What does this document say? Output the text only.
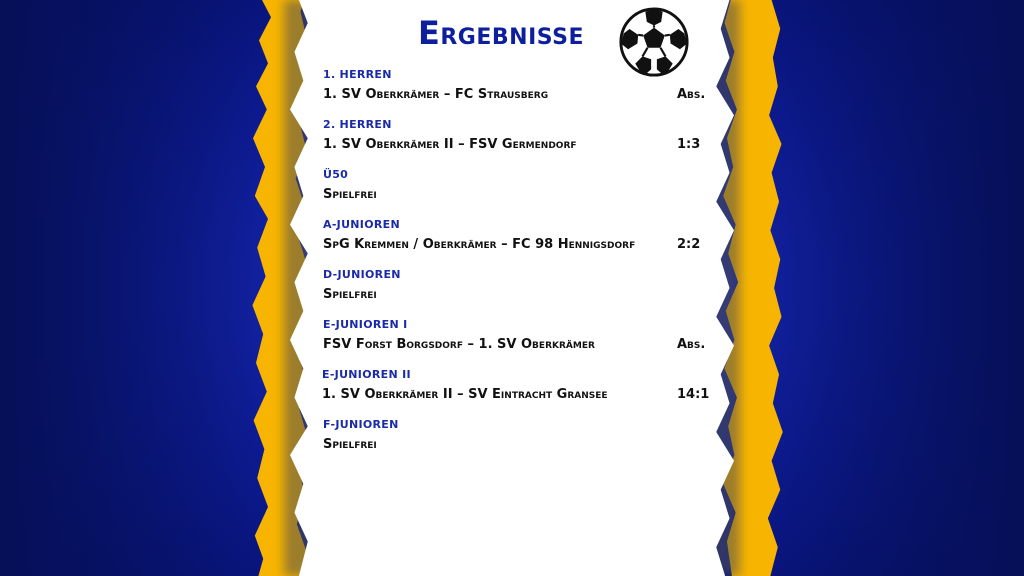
Ergebnisse
1. HERREN
1. SV Oberkrämer – FC Strausberg	Abs.
2. HERREN
1. SV Oberkrämer II – FSV Germendorf	1:3
Ü50
Spielfrei
A-JUNIOREN
SpG Kremmen / Oberkrämer – FC 98 Hennigsdorf	2:2
D-JUNIOREN
Spielfrei
E-JUNIOREN I
FSV Forst Borgsdorf – 1. SV Oberkrämer	Abs.
E-JUNIOREN II
1. SV Oberkrämer II – SV Eintracht Gransee	14:1
F-JUNIOREN
Spielfrei
